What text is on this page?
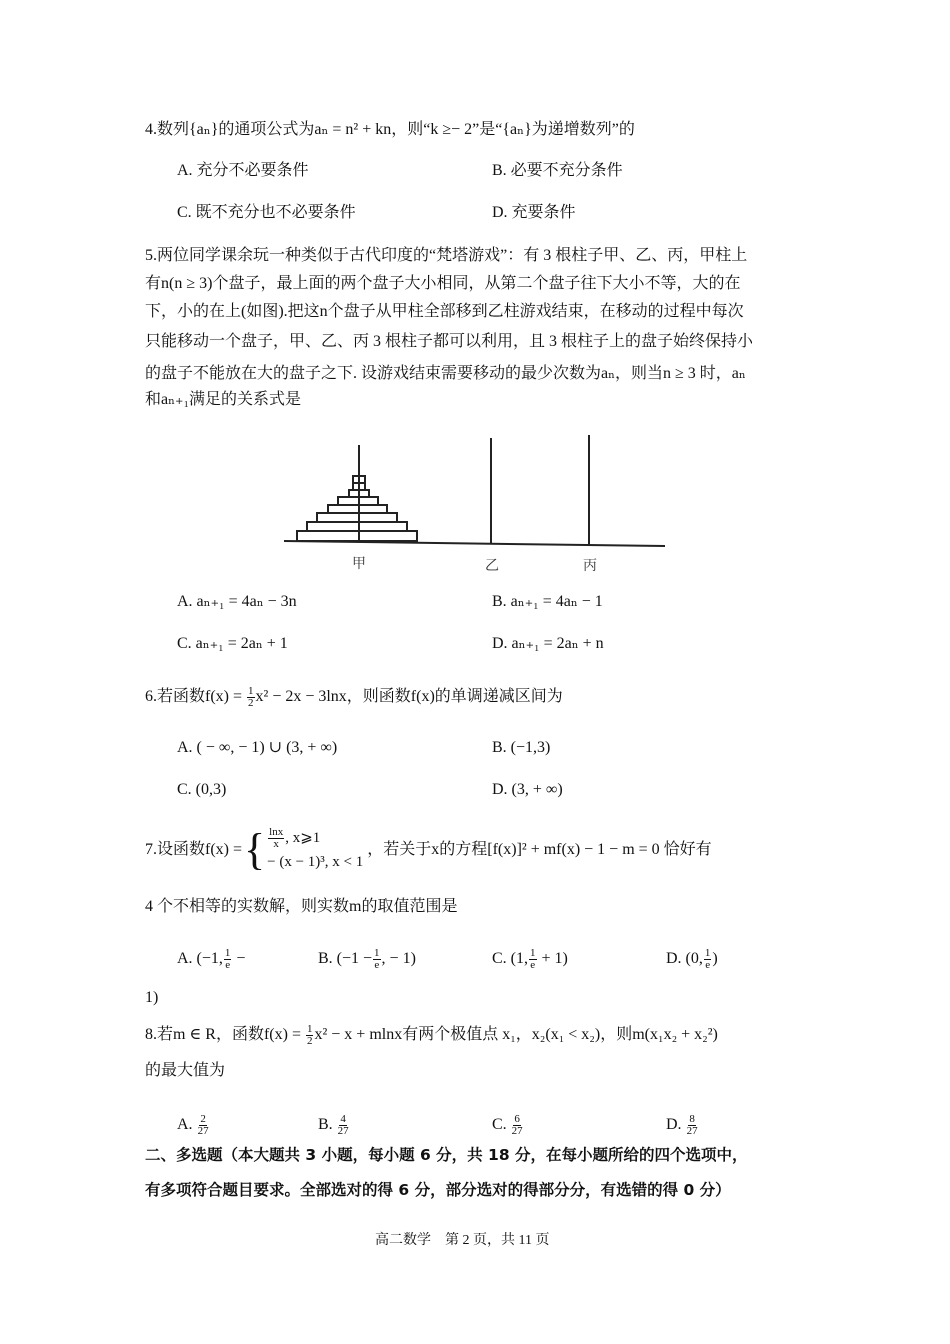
4.数列{aₙ}的通项公式为aₙ = n² + kn，则“k ≥− 2”是“{aₙ}为递增数列”的
A. 充分不必要条件	B. 必要不充分条件
C. 既不充分也不必要条件	D. 充要条件
5.两位同学课余玩一种类似于古代印度的“梵塔游戏”：有 3 根柱子甲、乙、丙，甲柱上
有n(n ≥ 3)个盘子，最上面的两个盘子大小相同，从第二个盘子往下大小不等，大的在
下，小的在上(如图).把这n个盘子从甲柱全部移到乙柱游戏结束，在移动的过程中每次
只能移动一个盘子，甲、乙、丙 3 根柱子都可以利用，且 3 根柱子上的盘子始终保持小
的盘子不能放在大的盘子之下. 设游戏结束需要移动的最少次数为aₙ，则当n ≥ 3 时，aₙ
和aₙ₊₁满足的关系式是
甲	乙	丙
A. aₙ₊₁ = 4aₙ − 3n	B. aₙ₊₁ = 4aₙ − 1
C. aₙ₊₁ = 2aₙ + 1	D. aₙ₊₁ = 2aₙ + n
6.若函数$f(x) = \frac{1}{2} x^2 - 2x - 3\ln x$，则函数f(x)的单调递减区间为
A. ( − ∞, − 1) ∪ (3, + ∞)	B. (−1,3)
C. (0,3)	D. (3, + ∞)
7.设函数f(x) = { $\frac{\ln x}{x}$ , x⩾1
− (x − 1)³, x < 1
，若关于x的方程[f(x)]² + mf(x) − 1 − m = 0 恰好有
4 个不相等的实数解，则实数m的取值范围是
A. (−1, $\frac{1}{e}$ −	B. ($-1 - \frac{1}{e}$ , − 1)	C. (1, $\frac{1}{e} + 1$)	D. (0, $\frac{1}{e}$ )
1)
8.若m ∈ R，函数$f(x) = \frac{1}{2} x^2 - x + mlnx$有两个极值点 x₁，x₂(x₁ < x₂)，则m(x₁x₂ + x₂²)
的最大值为
A. $\frac{2}{27}$	B. $\frac{4}{27}$	C. $\frac{6}{27}$	D. $\frac{8}{27}$
二、多选题（本大题共 3 小题，每小题 6 分，共 18 分，在每小题所给的四个选项中，
有多项符合题目要求。全部选对的得 6 分，部分选对的得部分分，有选错的得 0 分）
高二数学    第 2 页，共 11 页
